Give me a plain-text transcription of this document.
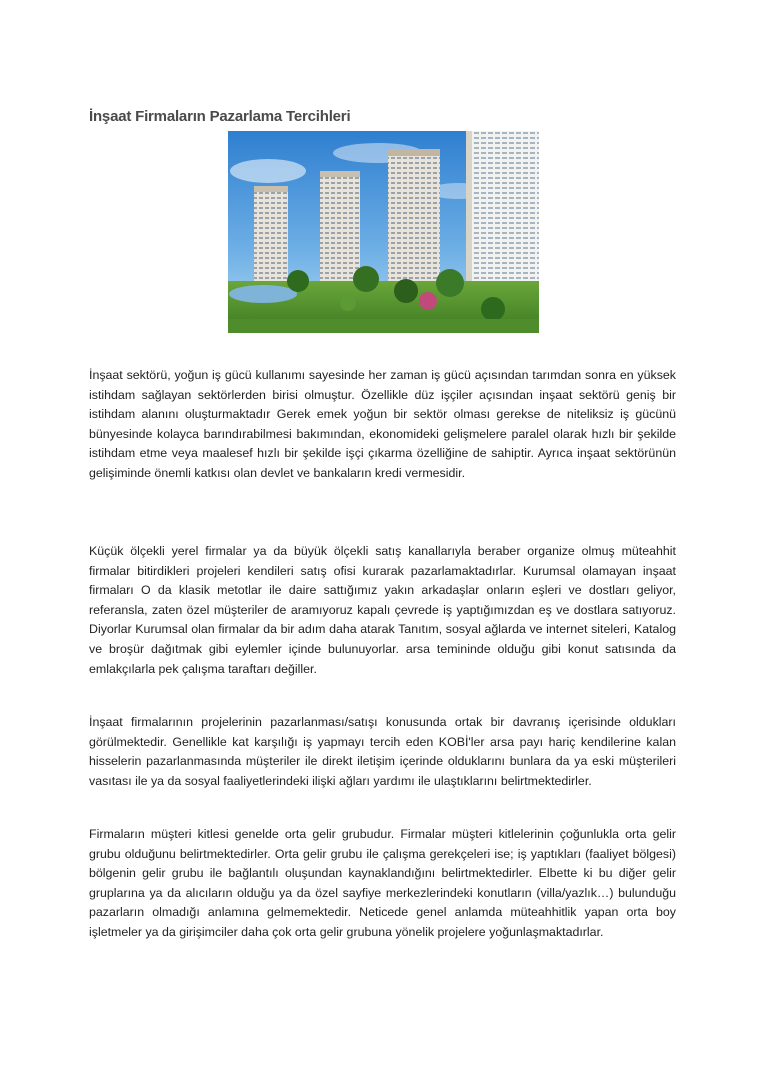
İnşaat Firmaların Pazarlama Tercihleri

İnşaat sektörü, yoğun iş gücü kullanımı sayesinde her zaman iş gücü açısından tarımdan sonra en yüksek istihdam sağlayan sektörlerden birisi olmuştur. Özellikle düz işçiler açısından inşaat sektörü geniş bir istihdam alanını oluşturmaktadır Gerek emek yoğun bir sektör olması gerekse de niteliksiz iş gücünü bünyesinde kolayca barındırabilmesi bakımından, ekonomideki gelişmelere paralel olarak hızlı bir şekilde istihdam etme veya maalesef hızlı bir şekilde işçi çıkarma özelliğine de sahiptir. Ayrıca inşaat sektörünün gelişiminde önemli katkısı olan devlet ve bankaların kredi vermesidir.

Küçük ölçekli yerel firmalar ya da büyük ölçekli satış kanallarıyla beraber organize olmuş müteahhit firmalar bitirdikleri projeleri kendileri satış ofisi kurarak pazarlamaktadırlar. Kurumsal olamayan inşaat firmaları O da klasik metotlar ile daire sattığımız yakın arkadaşlar onların eşleri ve dostları geliyor, referansla, zaten özel müşteriler de aramıyoruz kapalı çevrede iş yaptığımızdan eş ve dostlara satıyoruz. Diyorlar Kurumsal olan firmalar da bir adım daha atarak Tanıtım, sosyal ağlarda ve internet siteleri, Katalog ve broşür dağıtmak gibi eylemler içinde bulunuyorlar. arsa temininde olduğu gibi konut satısında da emlakçılarla pek çalışma taraftarı değiller.

İnşaat firmalarının projelerinin pazarlanması/satışı konusunda ortak bir davranış içerisinde oldukları görülmektedir. Genellikle kat karşılığı iş yapmayı tercih eden KOBİ'ler arsa payı hariç kendilerine kalan hisselerin pazarlanmasında müşteriler ile direkt iletişim içerinde olduklarını bunlara da ya eski müşterileri vasıtası ile ya da sosyal faaliyetlerindeki ilişki ağları yardımı ile ulaştıklarını belirtmektedirler.

Firmaların müşteri kitlesi genelde orta gelir grubudur. Firmalar müşteri kitlelerinin çoğunlukla orta gelir grubu olduğunu belirtmektedirler. Orta gelir grubu ile çalışma gerekçeleri ise; iş yaptıkları (faaliyet bölgesi) bölgenin gelir grubu ile bağlantılı oluşundan kaynaklandığını belirtmektedirler. Elbette ki bu diğer gelir gruplarına ya da alıcıların olduğu ya da özel sayfiye merkezlerindeki konutların (villa/yazlık…) bulunduğu pazarların olmadığı anlamına gelmemektedir. Neticede genel anlamda müteahhitlik yapan orta boy işletmeler ya da girişimciler daha çok orta gelir grubuna yönelik projelere yoğunlaşmaktadırlar.
